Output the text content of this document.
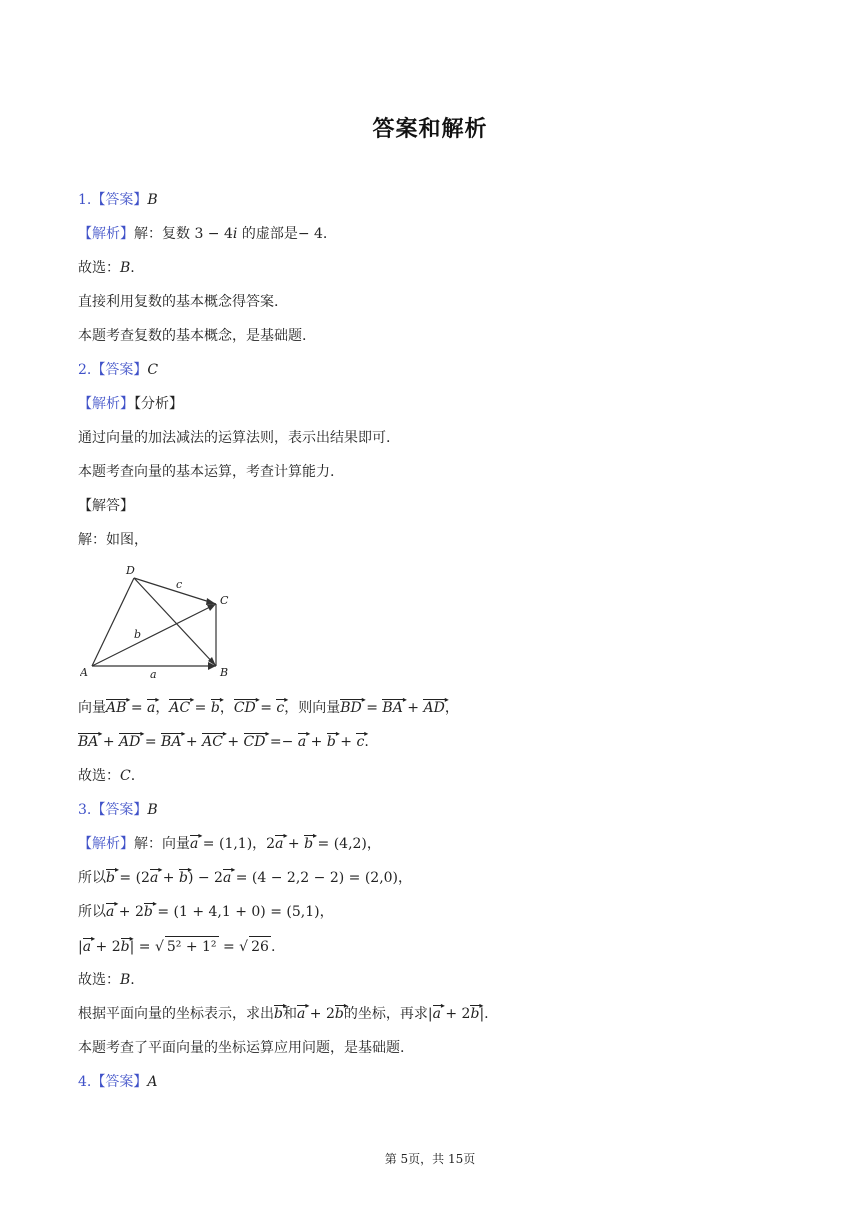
答案和解析
1.【答案】B
【解析】解：复数 3 − 4𝑖 的虚部是− 4.
故选：𝐵.
直接利用复数的基本概念得答案.
本题考查复数的基本概念，是基础题.
2.【答案】C
【解析】【分析】
通过向量的加法减法的运算法则，表示出结果即可.
本题考查向量的基本运算，考查计算能力.
【解答】
解：如图，
A	B
C
D
a
b
c
向量▸ AB = ▸ a，▸ AC = ▸ b，▸ CD = ▸ c，则向量▸ BD = ▸ BA + ▸ AD，
▸ BA + ▸ AD = ▸ BA + ▸ AC + ▸ CD =− ▸ a + ▸ b + ▸ c.
故选：𝐶.
3.【答案】B
【解析】解：向量▸ a = (1,1)，2▸ a + ▸ b = (4,2)，
所以▸ b = (2▸ a + ▸ b) − 2▸ a = (4 − 2,2 − 2) = (2,0)，
所以▸ a + 2▸ b = (1 + 4,1 + 0) = (5,1)，
|▸ a + 2▸ b| = √ 5² + 1² = √ 26 .
故选：𝐵.
根据平面向量的坐标表示，求出▸ b和▸ a + 2▸ b的坐标，再求|▸ a + 2▸ b|.
本题考查了平面向量的坐标运算应用问题，是基础题.
4.【答案】A
第 5页，共 15页
